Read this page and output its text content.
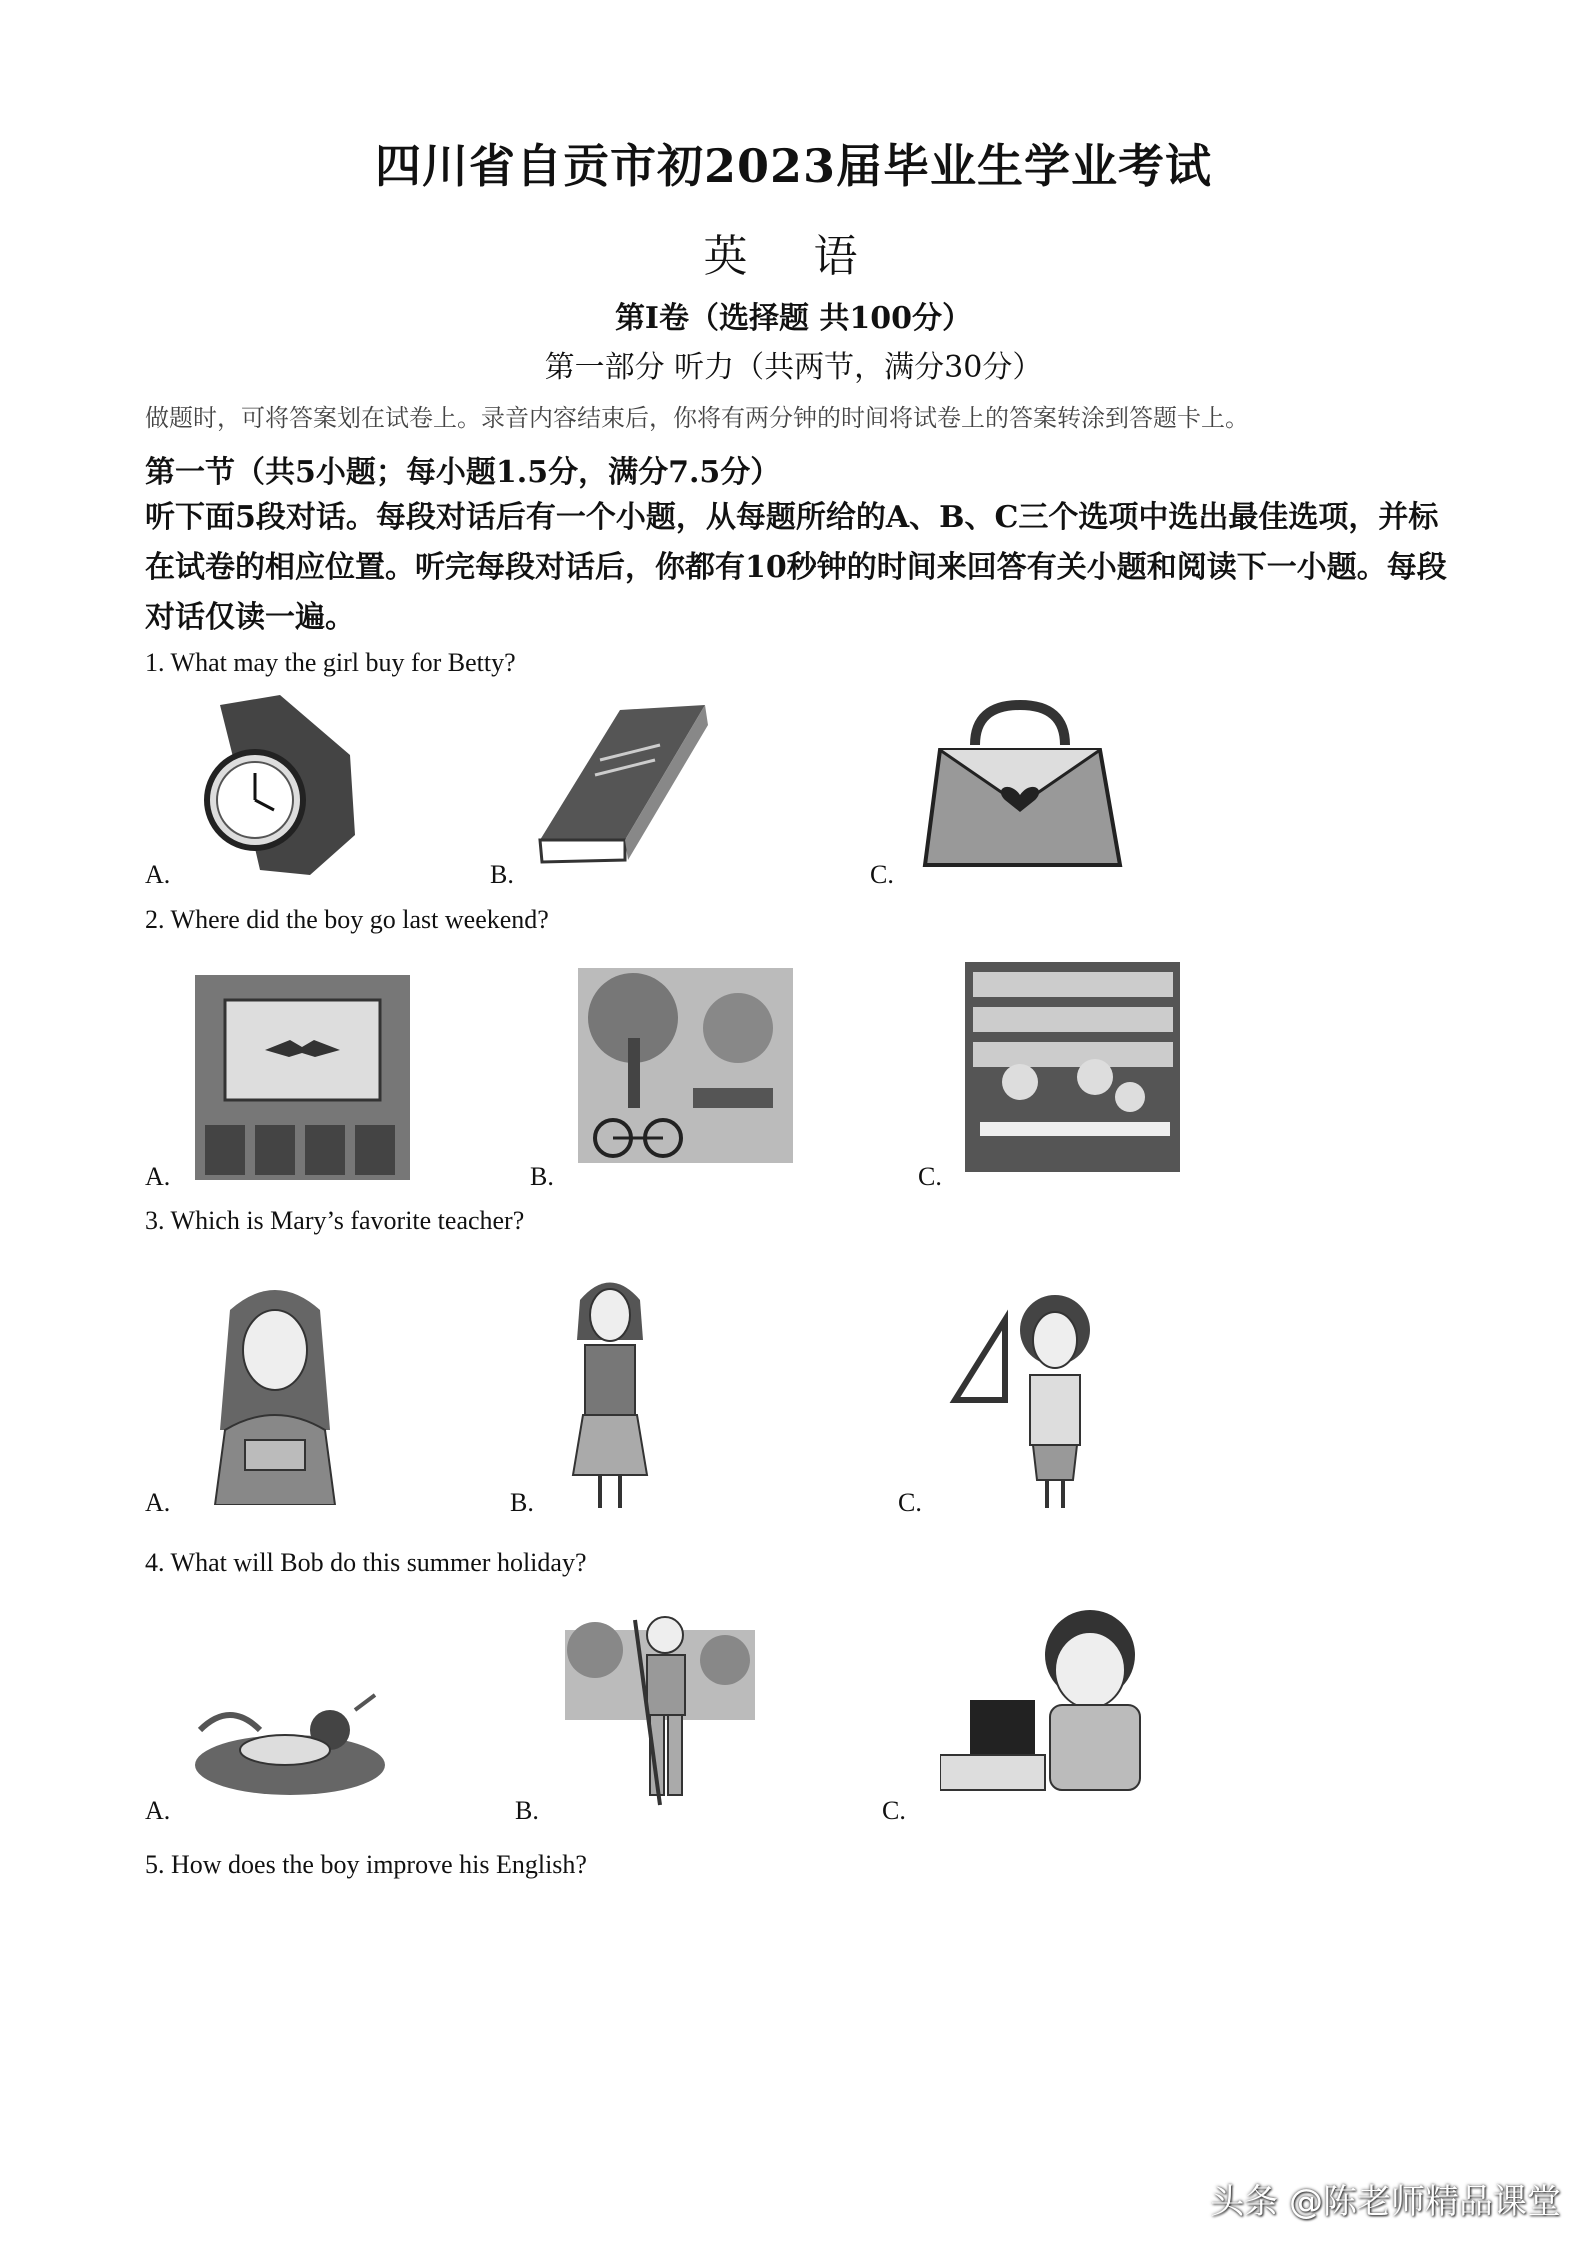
四川省自贡市初2023届毕业生学业考试
英 语
第I卷（选择题 共100分）
第一部分 听力（共两节，满分30分）
做题时，可将答案划在试卷上。录音内容结束后，你将有两分钟的时间将试卷上的答案转涂到答题卡上。
第一节（共5小题；每小题1.5分，满分7.5分）
听下面5段对话。每段对话后有一个小题，从每题所给的A、B、C三个选项中选出最佳选项，并标在试卷的相应位置。听完每段对话后，你都有10秒钟的时间来回答有关小题和阅读下一小题。每段对话仅读一遍。
1. What may the girl buy for Betty?
A.	B.	C.
2. Where did the boy go last weekend?
A.	B.	C.
3. Which is Mary’s favorite teacher?
A.	B.	C.
4. What will Bob do this summer holiday?
A.	B.	C.
5. How does the boy improve his English?
头条 @陈老师精品课堂
